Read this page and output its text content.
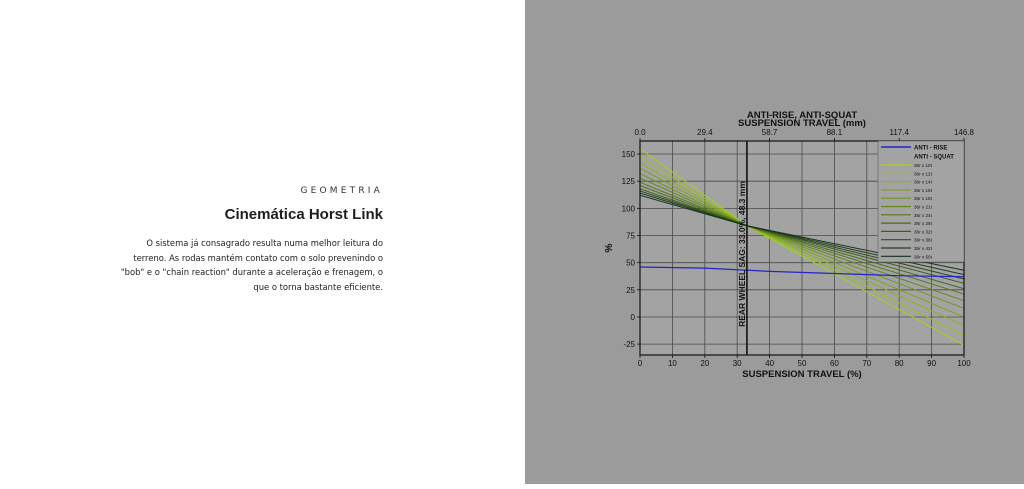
GEOMETRIA
Cinemática Horst Link
O sistema já consagrado resulta numa melhor leitura do terreno. As rodas mantém contato com o solo prevenindo o "bob" e o "chain reaction" durante a aceleração e frenagem, o que o torna bastante eficiente.
0	10	20	30	40	50	60	70	80	90	100
150
125
100
75
50
25
0
-25
0.0	29.4	58.7	88.1	117.4	146.8
REAR WHEEL SAG: 33.0%, 48.3 mm
ANTI - RISE
ANTI - SQUAT
36r x 10t
36r x 12t
36r x 14t
36r x 16t
36r x 18t
36r x 21t
36r x 24t
36r x 28t
36r x 32t
36r x 36t
36r x 42t
36r x 50t
ANTI-RISE, ANTI-SQUAT
SUSPENSION TRAVEL (mm)
SUSPENSION TRAVEL (%)
%
